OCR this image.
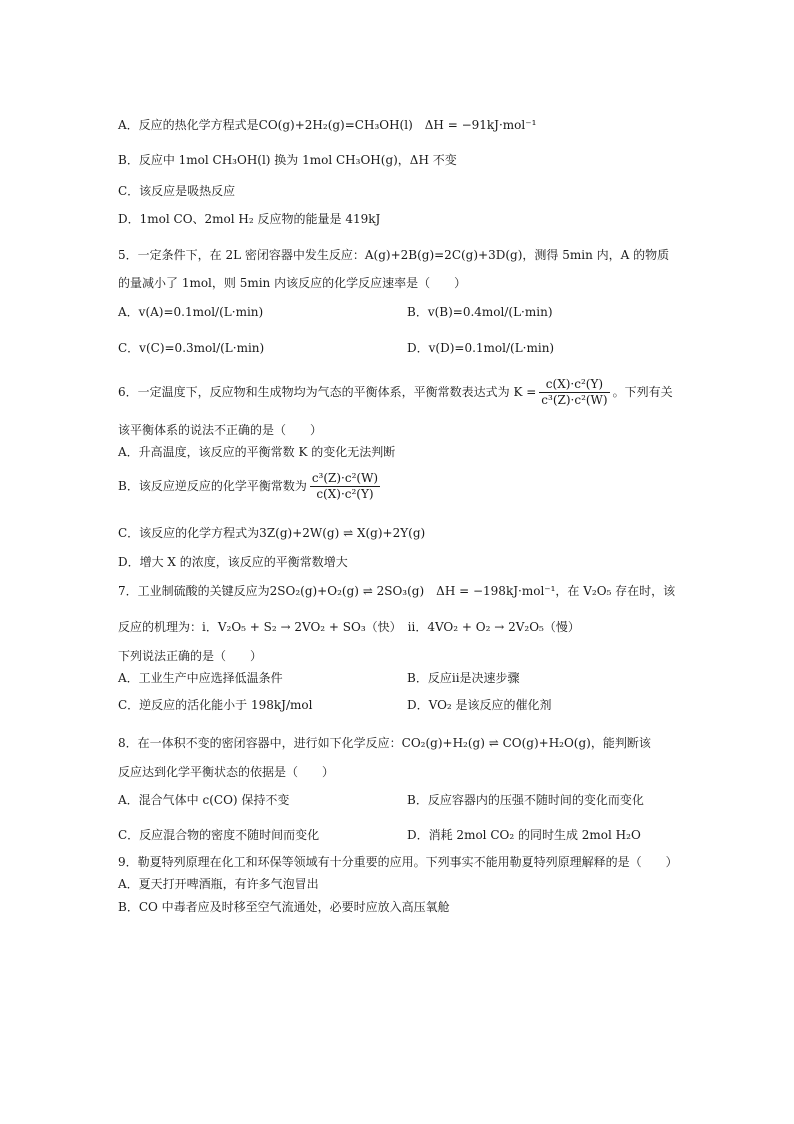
A．反应的热化学方程式是CO(g)+2H₂(g)=CH₃OH(l)　ΔH = −91kJ·mol⁻¹
B．反应中 1mol CH₃OH(l) 换为 1mol CH₃OH(g)，ΔH 不变
C．该反应是吸热反应
D．1mol CO、2mol H₂ 反应物的能量是 419kJ
5．一定条件下，在 2L 密闭容器中发生反应：A(g)+2B(g)=2C(g)+3D(g)，测得 5min 内，A 的物质
的量减小了 1mol，则 5min 内该反应的化学反应速率是（　　）
A．v(A)=0.1mol/(L·min)	B．v(B)=0.4mol/(L·min)
C．v(C)=0.3mol/(L·min)	D．v(D)=0.1mol/(L·min)
6．一定温度下，反应物和生成物均为气态的平衡体系，平衡常数表达式为 $K = \frac{\text{c(X)·c²(Y)}}{\text{c³(Z)·c²(W)}}$ 。下列有关
该平衡体系的说法不正确的是（　　）
A．升高温度，该反应的平衡常数 K 的变化无法判断
B．该反应逆反应的化学平衡常数为 $\frac{\text{c³(Z)·c²(W)}}{\text{c(X)·c²(Y)}}$
C．该反应的化学方程式为3Z(g)+2W(g) ⇌ X(g)+2Y(g)
D．增大 X 的浓度，该反应的平衡常数增大
7．工业制硫酸的关键反应为2SO₂(g)+O₂(g) ⇌ 2SO₃(g)　ΔH = −198kJ·mol⁻¹，在 V₂O₅ 存在时，该
反应的机理为：ⅰ．V₂O₅ + S₂ → 2VO₂ + SO₃（快）　ⅱ．4VO₂ + O₂ → 2V₂O₅（慢）
下列说法正确的是（　　）
A．工业生产中应选择低温条件	B．反应ⅱ是决速步骤
C．逆反应的活化能小于 198kJ/mol	D．VO₂ 是该反应的催化剂
8．在一体积不变的密闭容器中，进行如下化学反应：CO₂(g)+H₂(g) ⇌ CO(g)+H₂O(g)，能判断该
反应达到化学平衡状态的依据是（　　）
A．混合气体中 c(CO) 保持不变	B．反应容器内的压强不随时间的变化而变化
C．反应混合物的密度不随时间而变化	D．消耗 2mol CO₂ 的同时生成 2mol H₂O
9．勒夏特列原理在化工和环保等领域有十分重要的应用。下列事实不能用勒夏特列原理解释的是（　　）
A．夏天打开啤酒瓶，有许多气泡冒出
B．CO 中毒者应及时移至空气流通处，必要时应放入高压氧舱
